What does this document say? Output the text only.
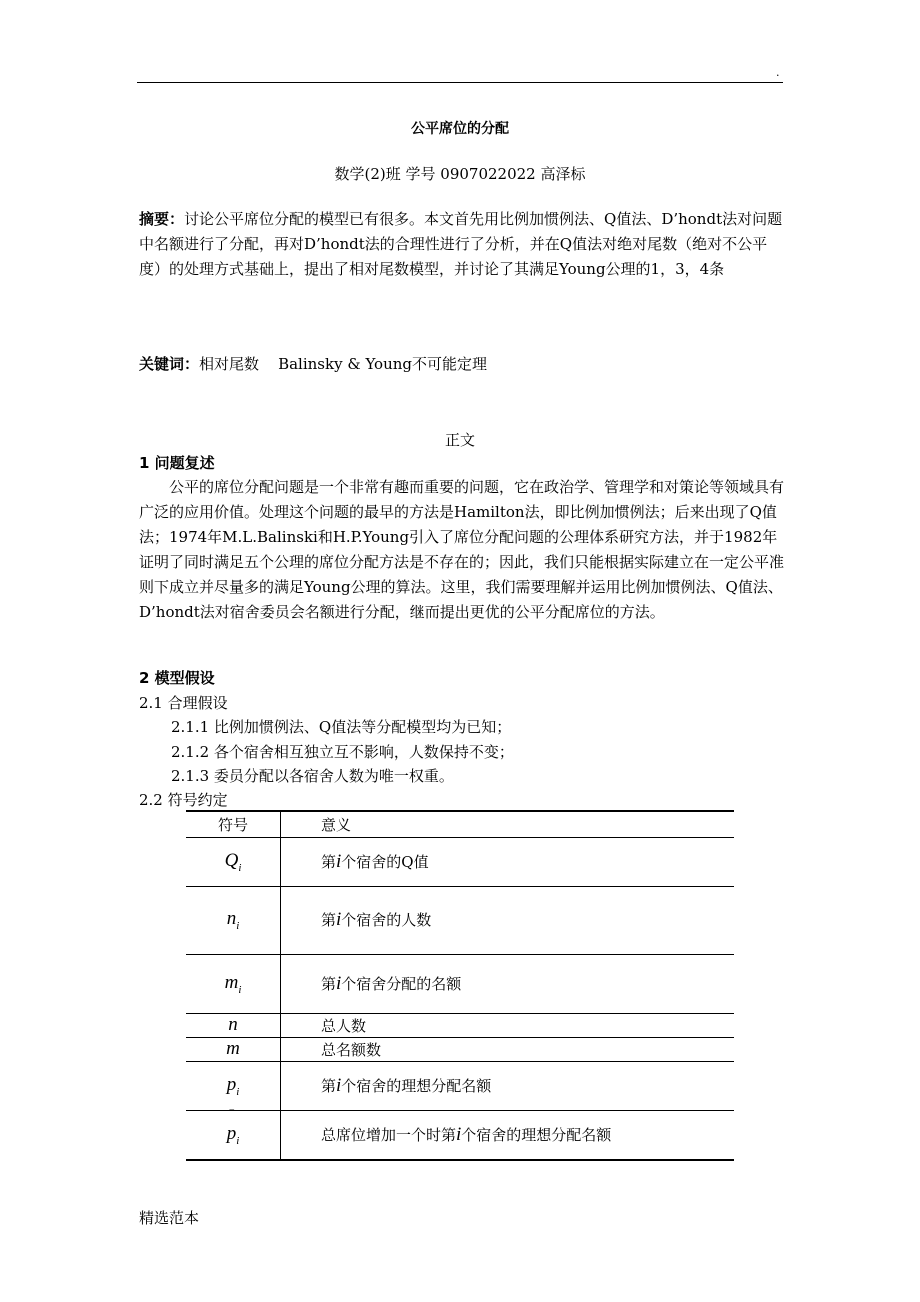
.
公平席位的分配
数学(2)班 学号 0907022022 高泽标
摘要：讨论公平席位分配的模型已有很多。本文首先用比例加惯例法、Q值法、D’hondt法对问题中名额进行了分配，再对D’hondt法的合理性进行了分析，并在Q值法对绝对尾数（绝对不公平度）的处理方式基础上，提出了相对尾数模型，并讨论了其满足Young公理的1，3，4条
关键词：相对尾数    Balinsky & Young不可能定理
正文
1 问题复述
公平的席位分配问题是一个非常有趣而重要的问题，它在政治学、管理学和对策论等领域具有广泛的应用价值。处理这个问题的最早的方法是Hamilton法，即比例加惯例法；后来出现了Q值法；1974年M.L.Balinski和H.P.Young引入了席位分配问题的公理体系研究方法，并于1982年证明了同时满足五个公理的席位分配方法是不存在的；因此，我们只能根据实际建立在一定公平准则下成立并尽量多的满足Young公理的算法。这里，我们需要理解并运用比例加惯例法、Q值法、D’hondt法对宿舍委员会名额进行分配，继而提出更优的公平分配席位的方法。
2 模型假设
2.1 合理假设
2.1.1 比例加惯例法、Q值法等分配模型均为已知；
2.1.2 各个宿舍相互独立互不影响，人数保持不变；
2.1.3 委员分配以各宿舍人数为唯一权重。
2.2 符号约定
符号	意义
$Q_i$	第i个宿舍的Q值
$n_i$	第i个宿舍的人数
$m_i$	第i个宿舍分配的名额
n	总人数
m	总名额数
$p_i$	第i个宿舍的理想分配名额

‾
$p_i$	总席位增加一个时第i个宿舍的理想分配名额
精选范本
